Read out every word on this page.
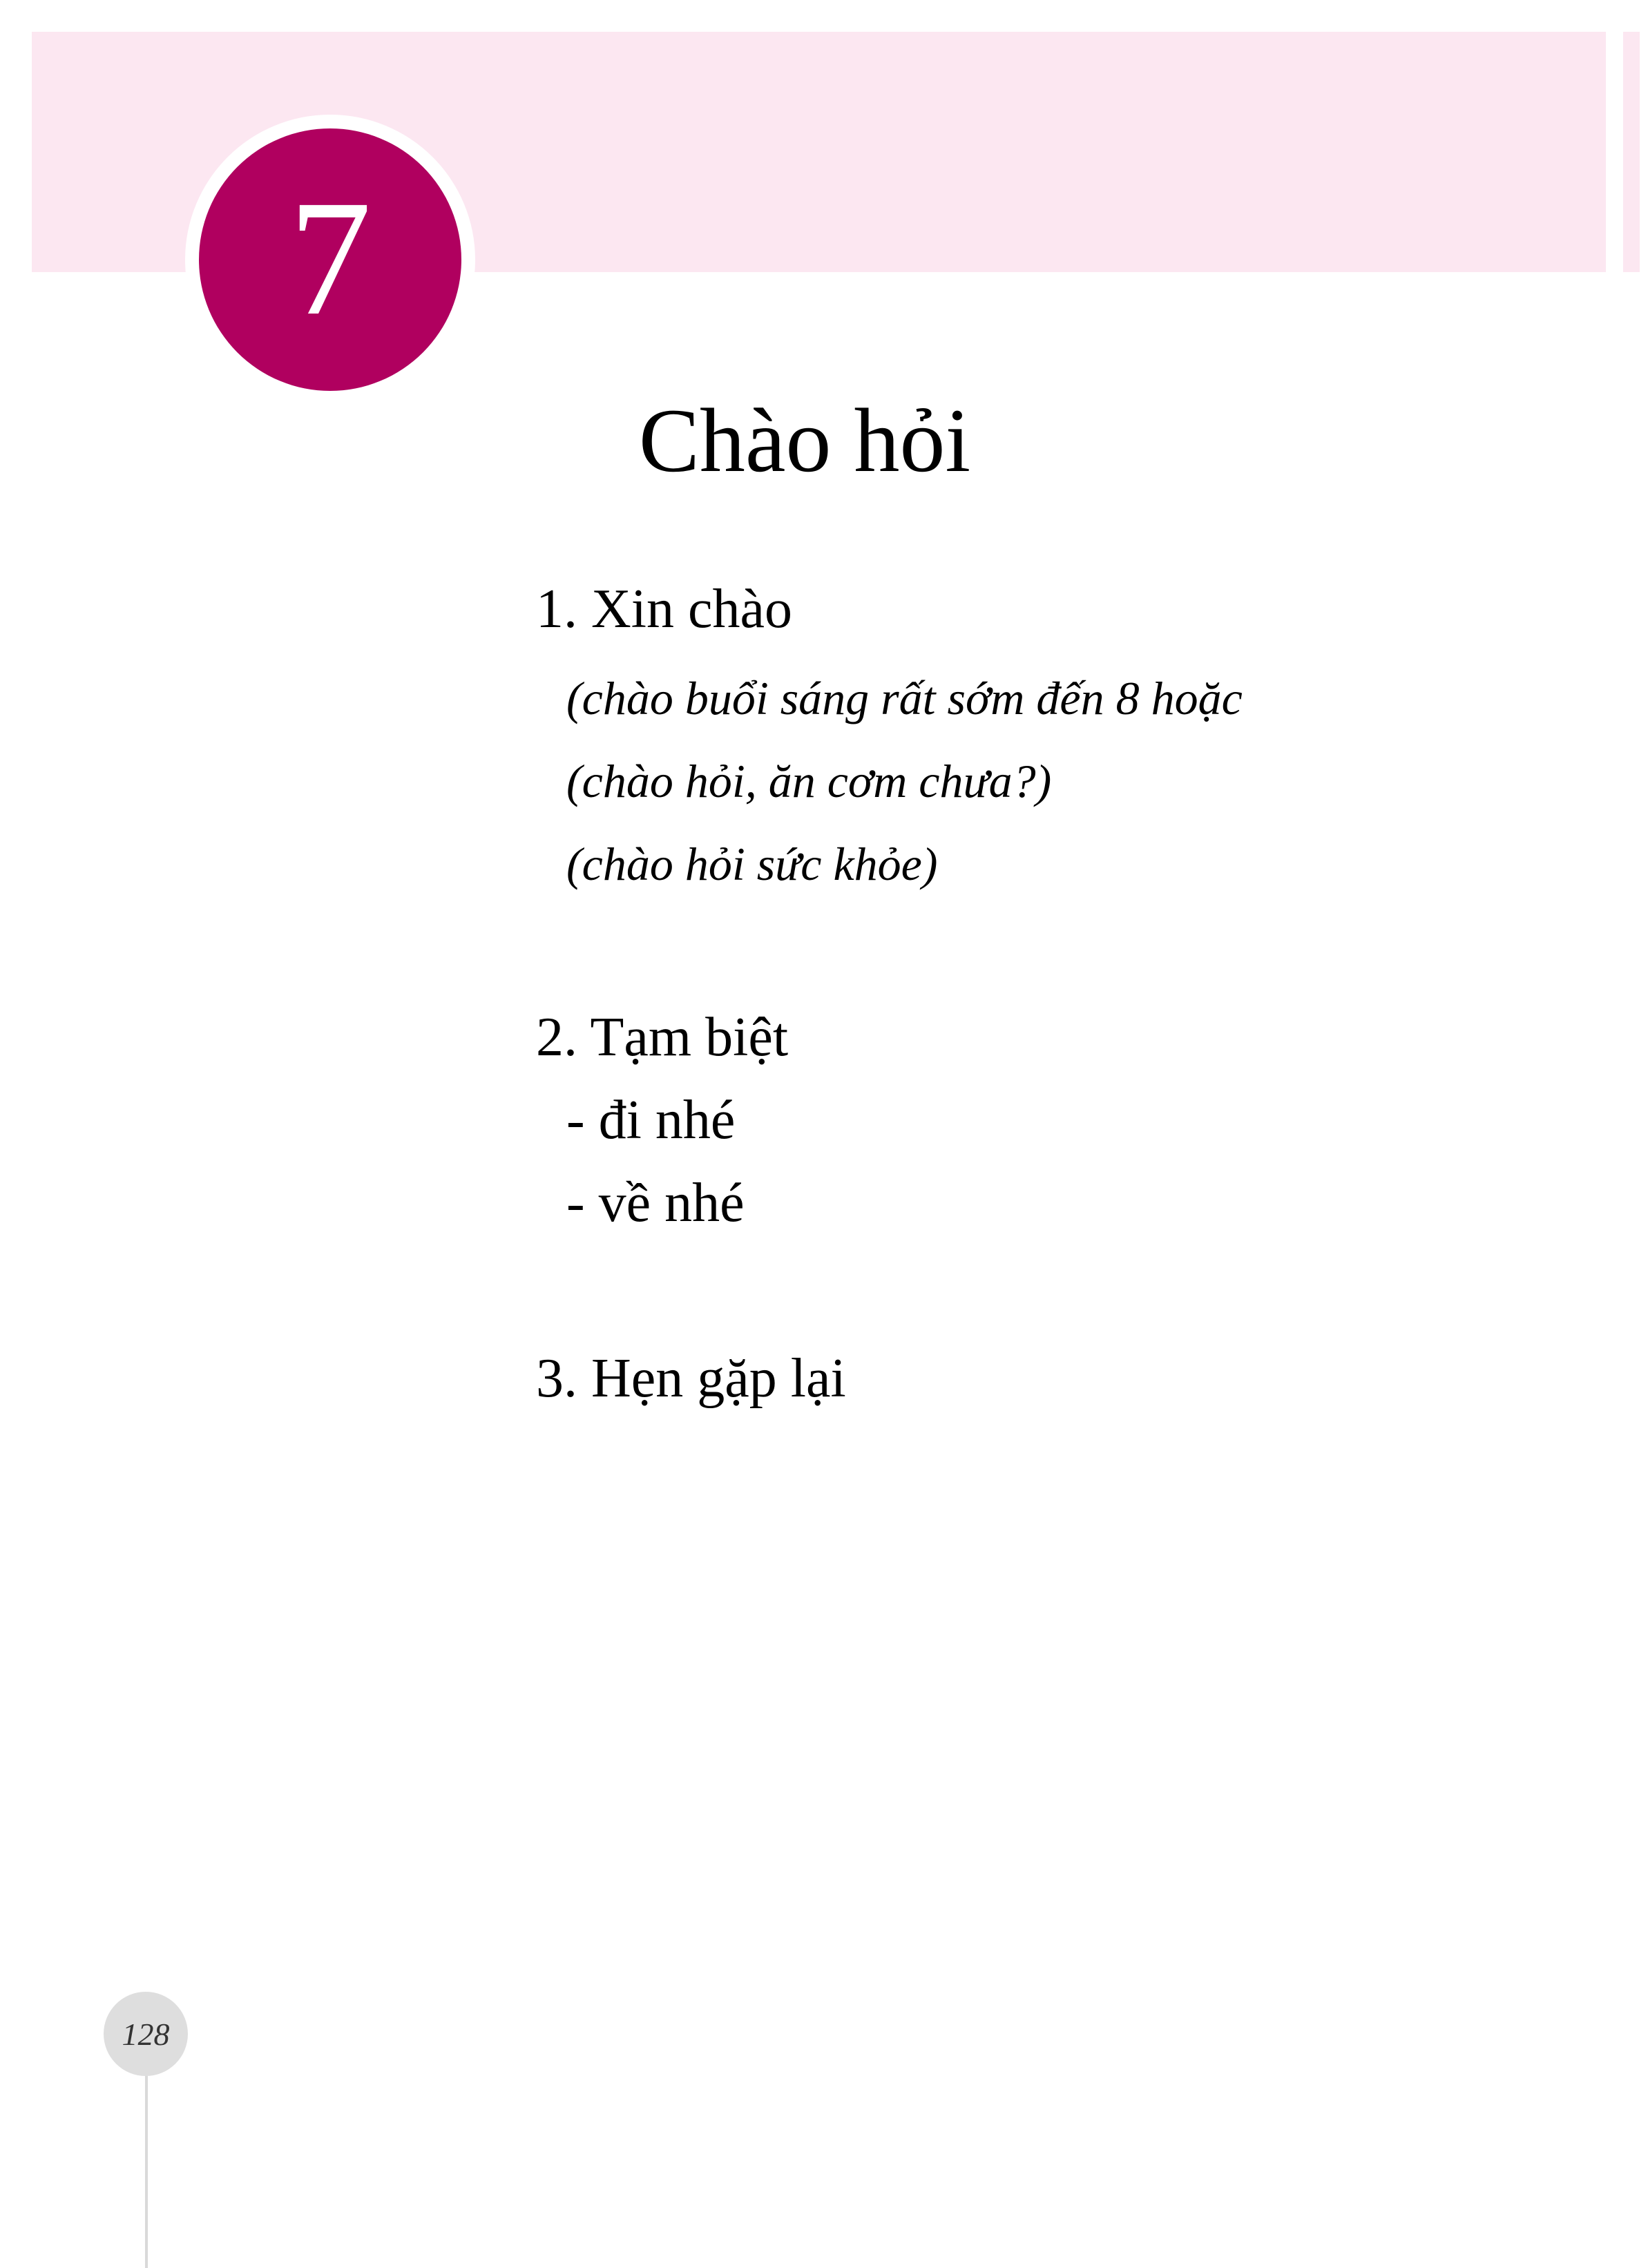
7
Chào hỏi
1. Xin chào
(chào buổi sáng rất sớm đến 8 hoặc
(chào hỏi, ăn cơm chưa?)
(chào hỏi sức khỏe)
2. Tạm biệt
- đi nhé
- về nhé
3. Hẹn gặp lại
128
